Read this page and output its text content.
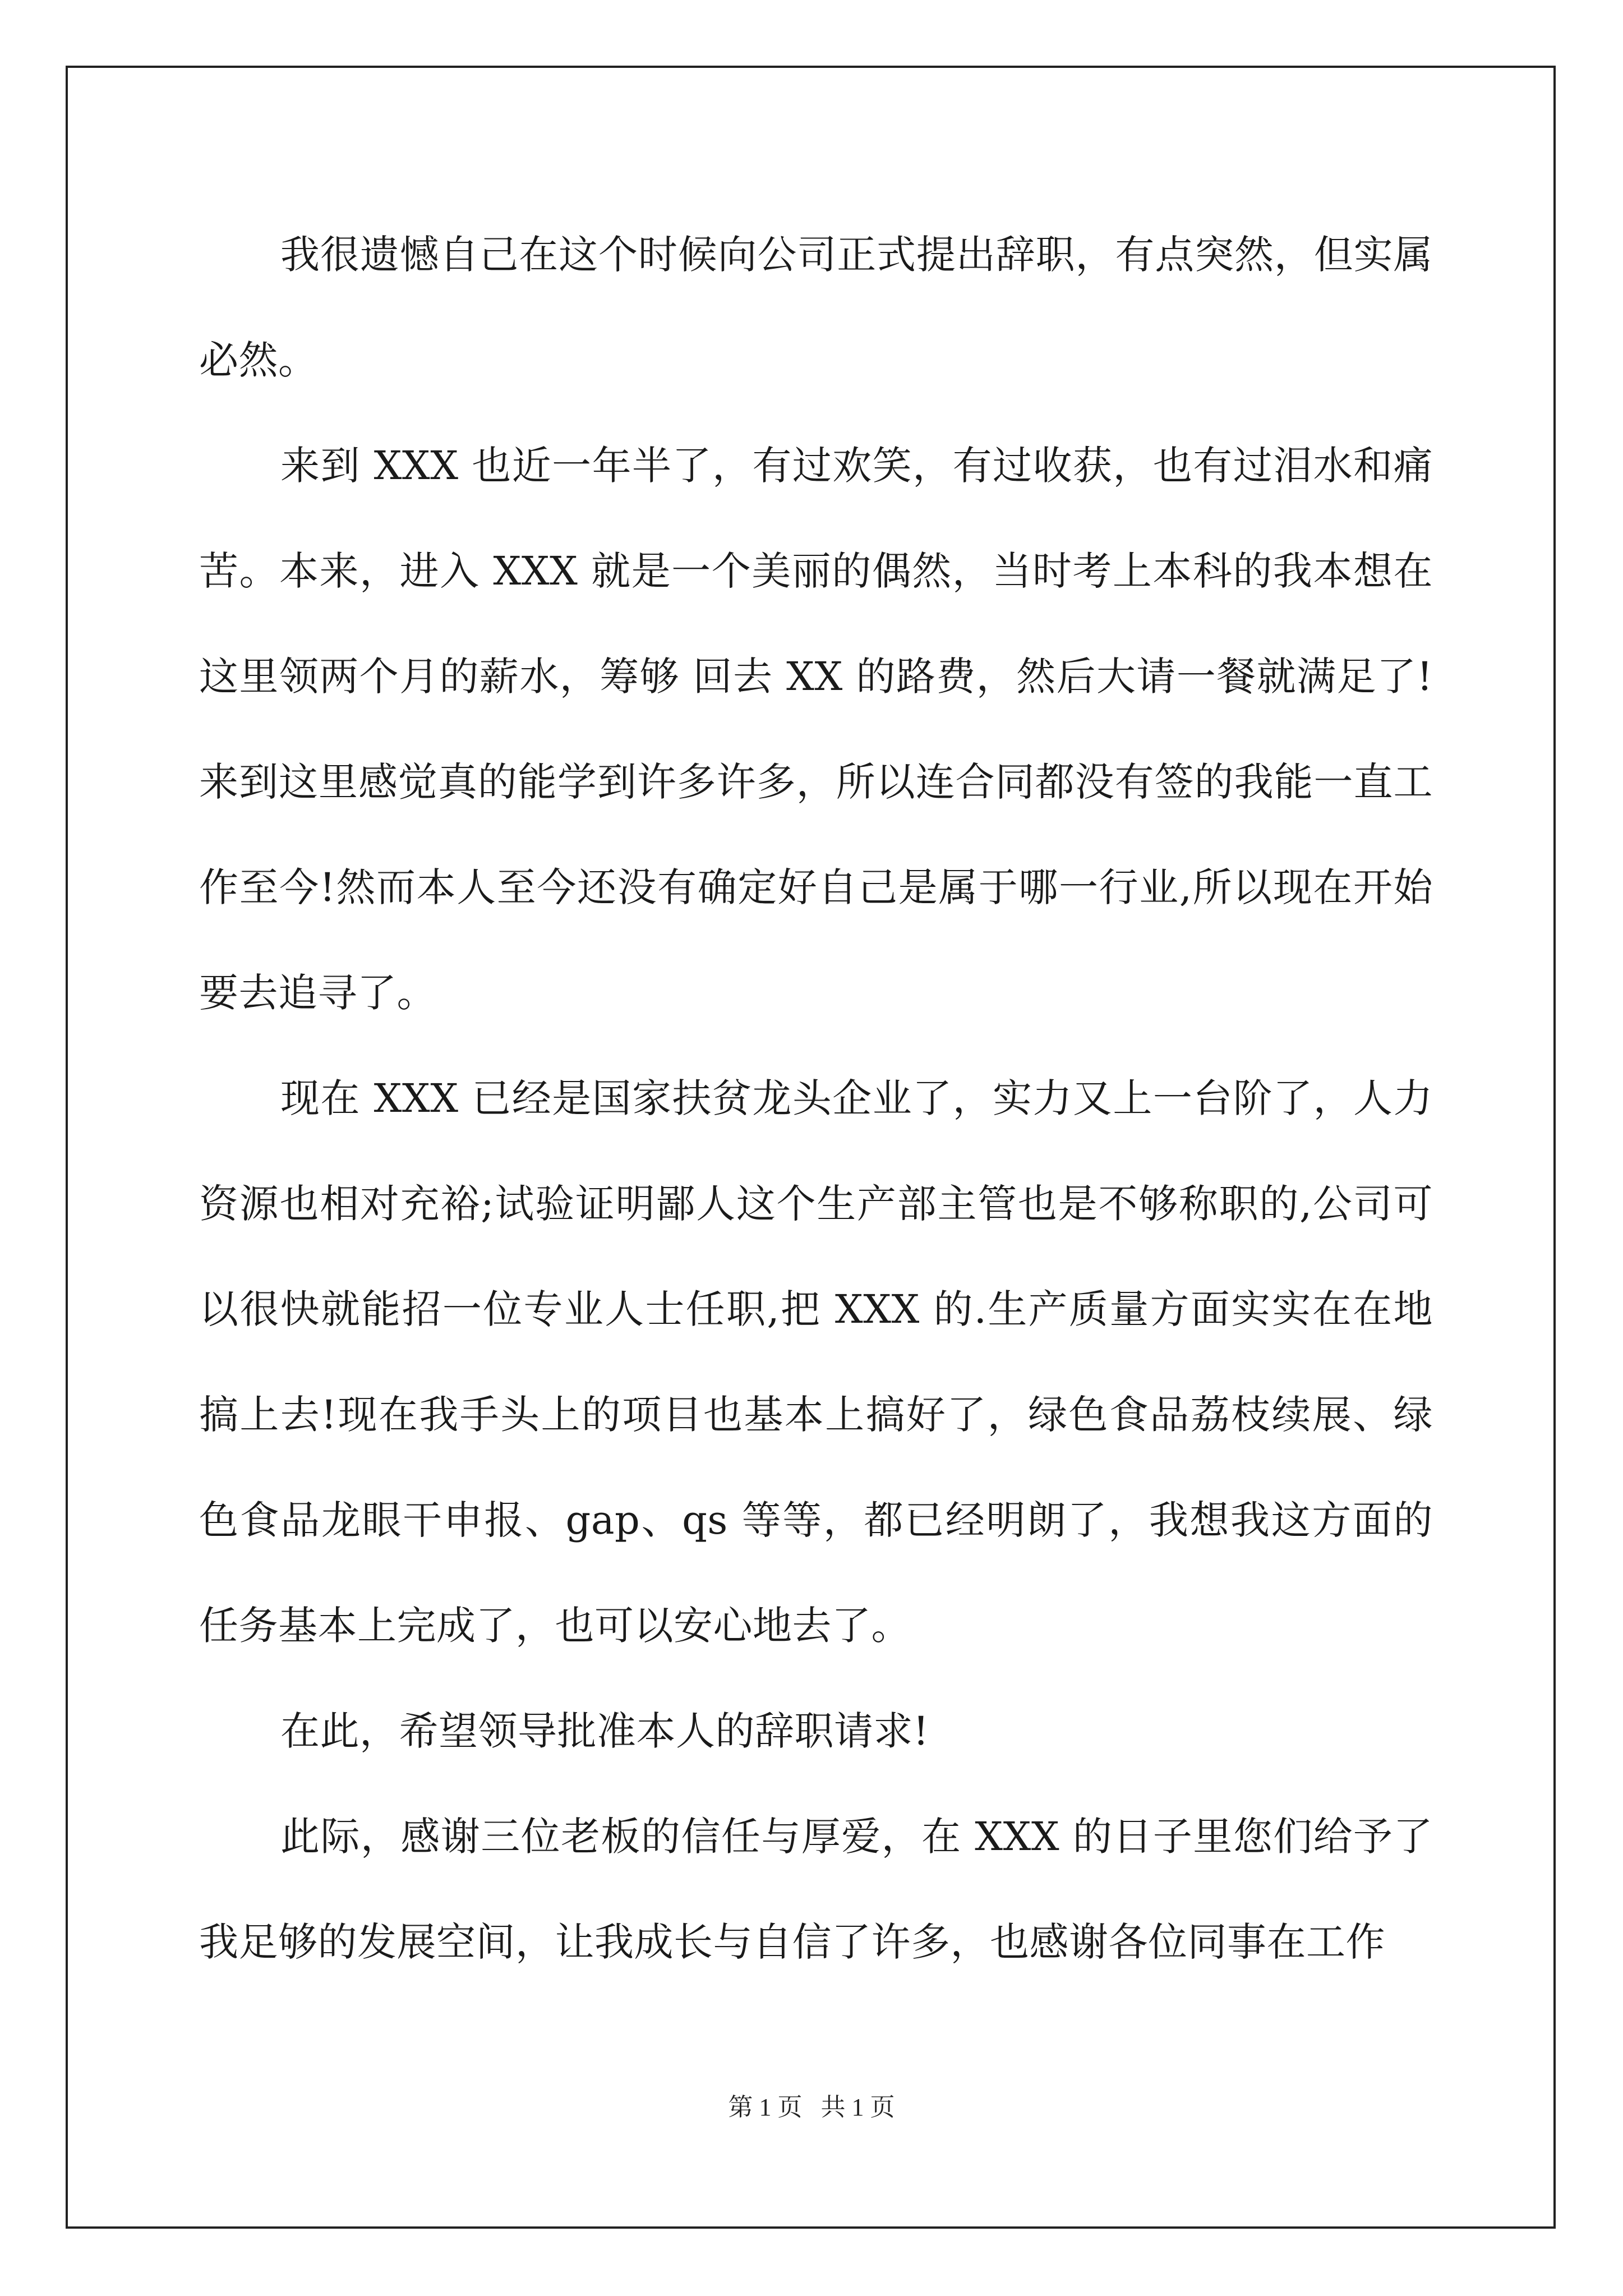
我很遗憾自己在这个时候向公司正式提出辞职，有点突然，但实属必然。

来到 XXX 也近一年半了，有过欢笑，有过收获，也有过泪水和痛苦。本来，进入 XXX 就是一个美丽的偶然，当时考上本科的我本想在这里领两个月的薪水，筹够 回去 XX 的路费，然后大请一餐就满足了!来到这里感觉真的能学到许多许多，所以连合同都没有签的我能一直工作至今!然而本人至今还没有确定好自己是属于哪一行业,所以现在开始要去追寻了。

现在 XXX 已经是国家扶贫龙头企业了，实力又上一台阶了，人力资源也相对充裕;试验证明鄙人这个生产部主管也是不够称职的,公司可以很快就能招一位专业人士任职,把 XXX 的.生产质量方面实实在在地搞上去!现在我手头上的项目也基本上搞好了，绿色食品荔枝续展、绿色食品龙眼干申报、gap、qs 等等，都已经明朗了，我想我这方面的任务基本上完成了，也可以安心地去了。

在此，希望领导批准本人的辞职请求!

此际，感谢三位老板的信任与厚爱，在 XXX 的日子里您们给予了我足够的发展空间，让我成长与自信了许多，也感谢各位同事在工作

第 1 页 共 1 页
